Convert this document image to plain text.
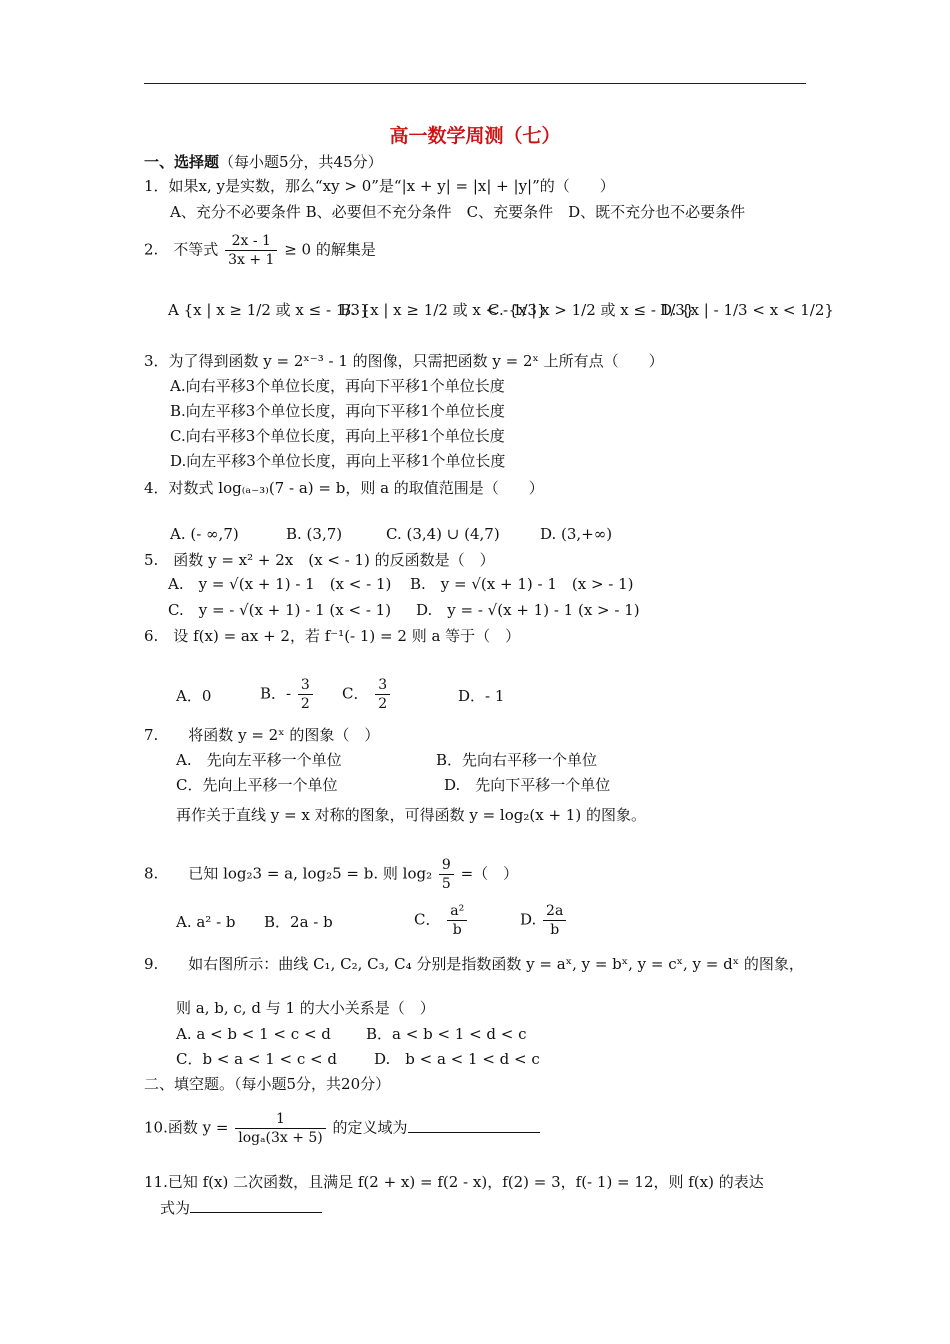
高一数学周测（七）
一、选择题（每小题5分，共45分）
1．如果x, y是实数，那么“xy > 0”是“|x + y| = |x| + |y|”的（　　）
A、充分不必要条件 B、必要但不充分条件　C、充要条件　D、既不充分也不必要条件
2.　不等式 $\frac{2x - 1}{3x + 1} \ge 0$ 的解集是
A {x | x ≥ 1/2 或 x ≤ - 1/3}
B. {x | x ≥ 1/2 或 x < - 1/3}
C. {x | x > 1/2 或 x ≤ - 1/3}
D. {x | - 1/3 < x < 1/2}
3．为了得到函数 y = 2ˣ⁻³ - 1 的图像，只需把函数 y = 2ˣ 上所有点（　　）
A.向右平移3个单位长度，再向下平移1个单位长度
B.向左平移3个单位长度，再向下平移1个单位长度
C.向右平移3个单位长度，再向上平移1个单位长度
D.向左平移3个单位长度，再向上平移1个单位长度
4．对数式 log₍ₐ₋₃₎(7 - a) = b，则 a 的取值范围是（　　）
A. (- ∞,7)	B. (3,7)	C. (3,4) ∪ (4,7)	D. (3,+∞)
5.　函数 y = x² + 2x　(x < - 1) 的反函数是（　）
A.　y = √(x + 1) - 1　(x < - 1) B.　y = √(x + 1) - 1　(x > - 1)
C.　y = - √(x + 1) - 1 (x < - 1) D.　y = - √(x + 1) - 1 (x > - 1)
6.　设 f(x) = ax + 2，若 f⁻¹(- 1) = 2 则 a 等于（　）
A．0	B．- $\frac{3}{2}$ C． $\frac{3}{2}$	D．- 1
7.　　将函数 y = 2ˣ 的图象（　）
A.　先向左平移一个单位	B．先向右平移一个单位
C．先向上平移一个单位	D.　先向下平移一个单位
再作关于直线 y = x 对称的图象，可得函数 y = log₂(x + 1) 的图象。
8.　　已知 log₂3 = a, log₂5 = b. 则 $\log_2 \frac{9}{5}$ =（　）
A. a² - b B．2a - b	C． $\frac{\text{a²}}{b}$	D. $\frac{2a}{b}$
9.　　如右图所示：曲线 C₁, C₂, C₃, C₄ 分别是指数函数 y = aˣ, y = bˣ, y = cˣ, y = dˣ 的图象，
则 a, b, c, d 与 1 的大小关系是（　）
A. a < b < 1 < c < d B．a < b < 1 < d < c
C．b < a < 1 < c < d D.　b < a < 1 < d < c
二、填空题。（每小题5分，共20分）
10.函数 $y = \frac{1}{\text{logₐ(3x + 5)}}$ 的定义域为
11.已知 f(x) 二次函数，且满足 f(2 + x) = f(2 - x)，f(2) = 3，f(- 1) = 12，则 f(x) 的表达
式为
